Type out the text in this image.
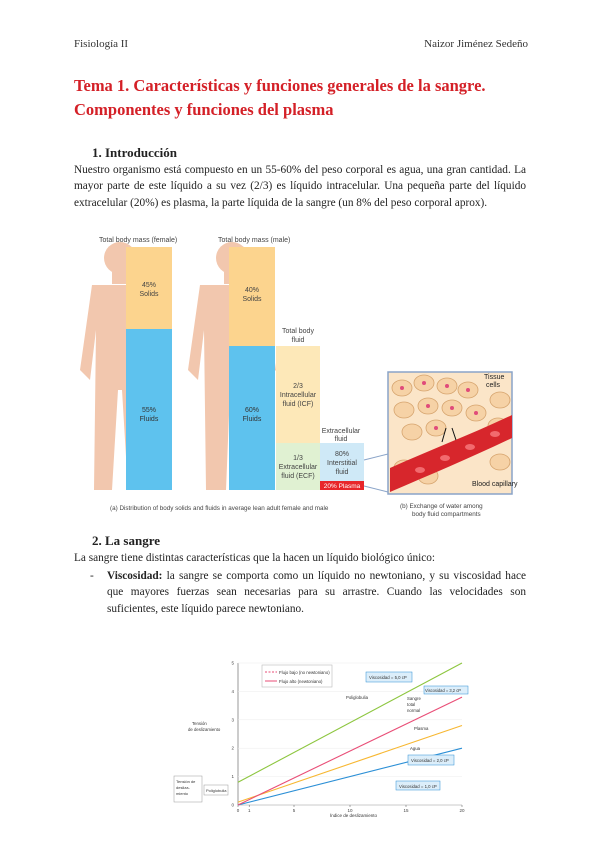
Fisiología II	Naizor Jiménez Sedeño
Tema 1. Características y funciones generales de la sangre. Componentes y funciones del plasma
1. Introducción
Nuestro organismo está compuesto en un 55-60% del peso corporal es agua, una gran cantidad. La mayor parte de este líquido a su vez (2/3) es líquido intracelular. Una pequeña parte del líquido extracelular (20%) es plasma, la parte líquida de la sangre (un 8% del peso corporal aprox).
Total body mass (female)	Total body mass (male)
45%
Solids
55%
Fluids
40%
Solids
60%
Fluids
Total body
fluid
2/3
Intracellular
fluid (ICF)
1/3
Extracellular
fluid (ECF)
Extracellular
fluid
80%
Interstitial
fluid
20% Plasma
Tissue
cells
Blood capillary
(a) Distribution of body solids and fluids in average lean adult female and male	(b) Exchange of water among
body fluid compartments
2. La sangre
La sangre tiene distintas características que la hacen un líquido biológico único:
- Viscosidad: la sangre se comporta como un líquido no newtoniano, y su viscosidad hace que mayores fuerzas sean necesarias para su arrastre. Cuando las velocidades son suficientes, este líquido parece newtoniano.
0
1
2
3
4
5
0 1	5	10	15	20
Flujo bajo (no newtoniano)
Flujo alto (newtoniano)
Viscosidad = 5,0 cP
Viscosidad = 3,2 cP
Viscosidad = 2,0 cP
Viscosidad = 1,0 cP
Poliglobulia	Sangre
total
normal
Plasma
Agua
Tensión
de deslizamiento
Tensión de
desliza-
miento
Poliglobulia
Índice de deslizamiento
